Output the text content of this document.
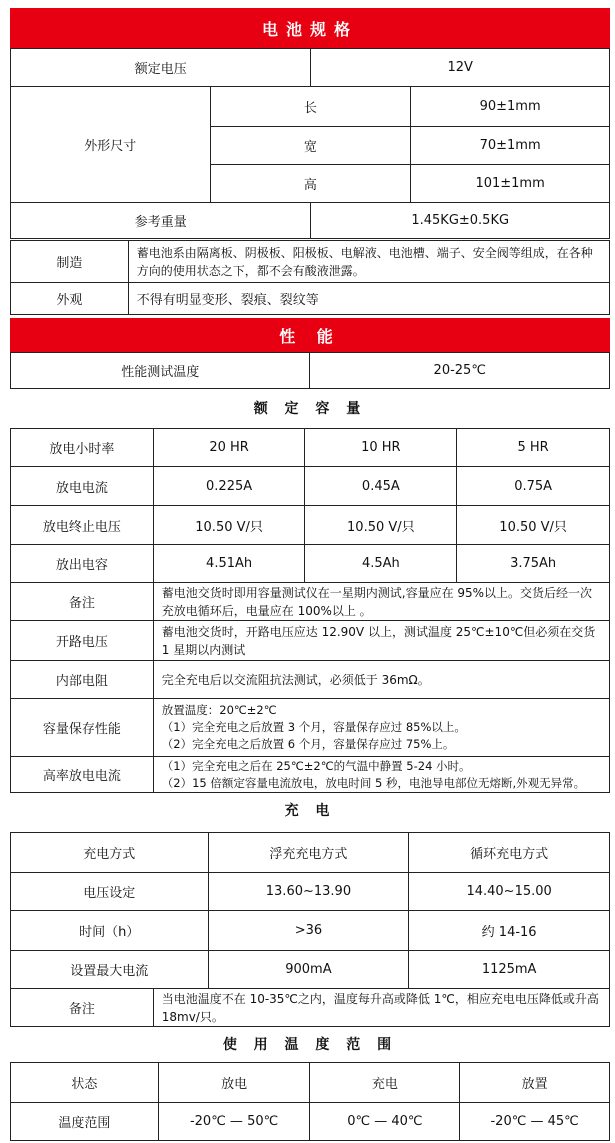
电池规格
额定电压		12V	
外形尺寸	长		90±1mm
	宽		70±1mm
	高		101±1mm
参考重量		1.45KG±0.5KG	
制造	蓄电池系由隔离板、阴极板、阳极板、电解液、电池槽、端子、安全阀等组成，在各种方向的使用状态之下，都不会有酸液泄露。
外观	不得有明显变形、裂痕、裂纹等
性 能
性能测试温度	20-25℃
额 定 容 量
放电小时率	20 HR	10 HR	5 HR
放电电流	0.225A	0.45A	0.75A
放电终止电压	10.50 V/只	10.50 V/只	10.50 V/只
放出电容	4.51Ah	4.5Ah	3.75Ah
备注	蓄电池交货时即用容量测试仪在一星期内测试,容量应在 95%以上。交货后经一次充放电循环后，电量应在 100%以上 。
开路电压	蓄电池交货时，开路电压应达 12.90V 以上，测试温度 25℃±10℃但必须在交货 1 星期以内测试
内部电阻	完全充电后以交流阻抗法测试，必须低于 36mΩ。
容量保存性能	放置温度：20℃±2℃
（1）完全充电之后放置 3 个月，容量保存应过 85%以上。
（2）完全充电之后放置 6 个月，容量保存应过 75%上。

高率放电电流	（1）完全充电之后在 25℃±2℃的气温中静置 5-24 小时。
（2）15 倍额定容量电流放电，放电时间 5 秒，电池导电部位无熔断,外观无异常。
充 电
充电方式	浮充充电方式	循环充电方式
电压设定	13.60~13.90	14.40~15.00
时间（h）	>36	约 14-16
设置最大电流	900mA	1125mA
备注	当电池温度不在 10-35℃之内，温度每升高或降低 1℃，相应充电电压降低或升高 18mv/只。
使 用 温 度 范 围
状态	放电	充电	放置
温度范围	-20℃ — 50℃	0℃ — 40℃	-20℃ — 45℃
